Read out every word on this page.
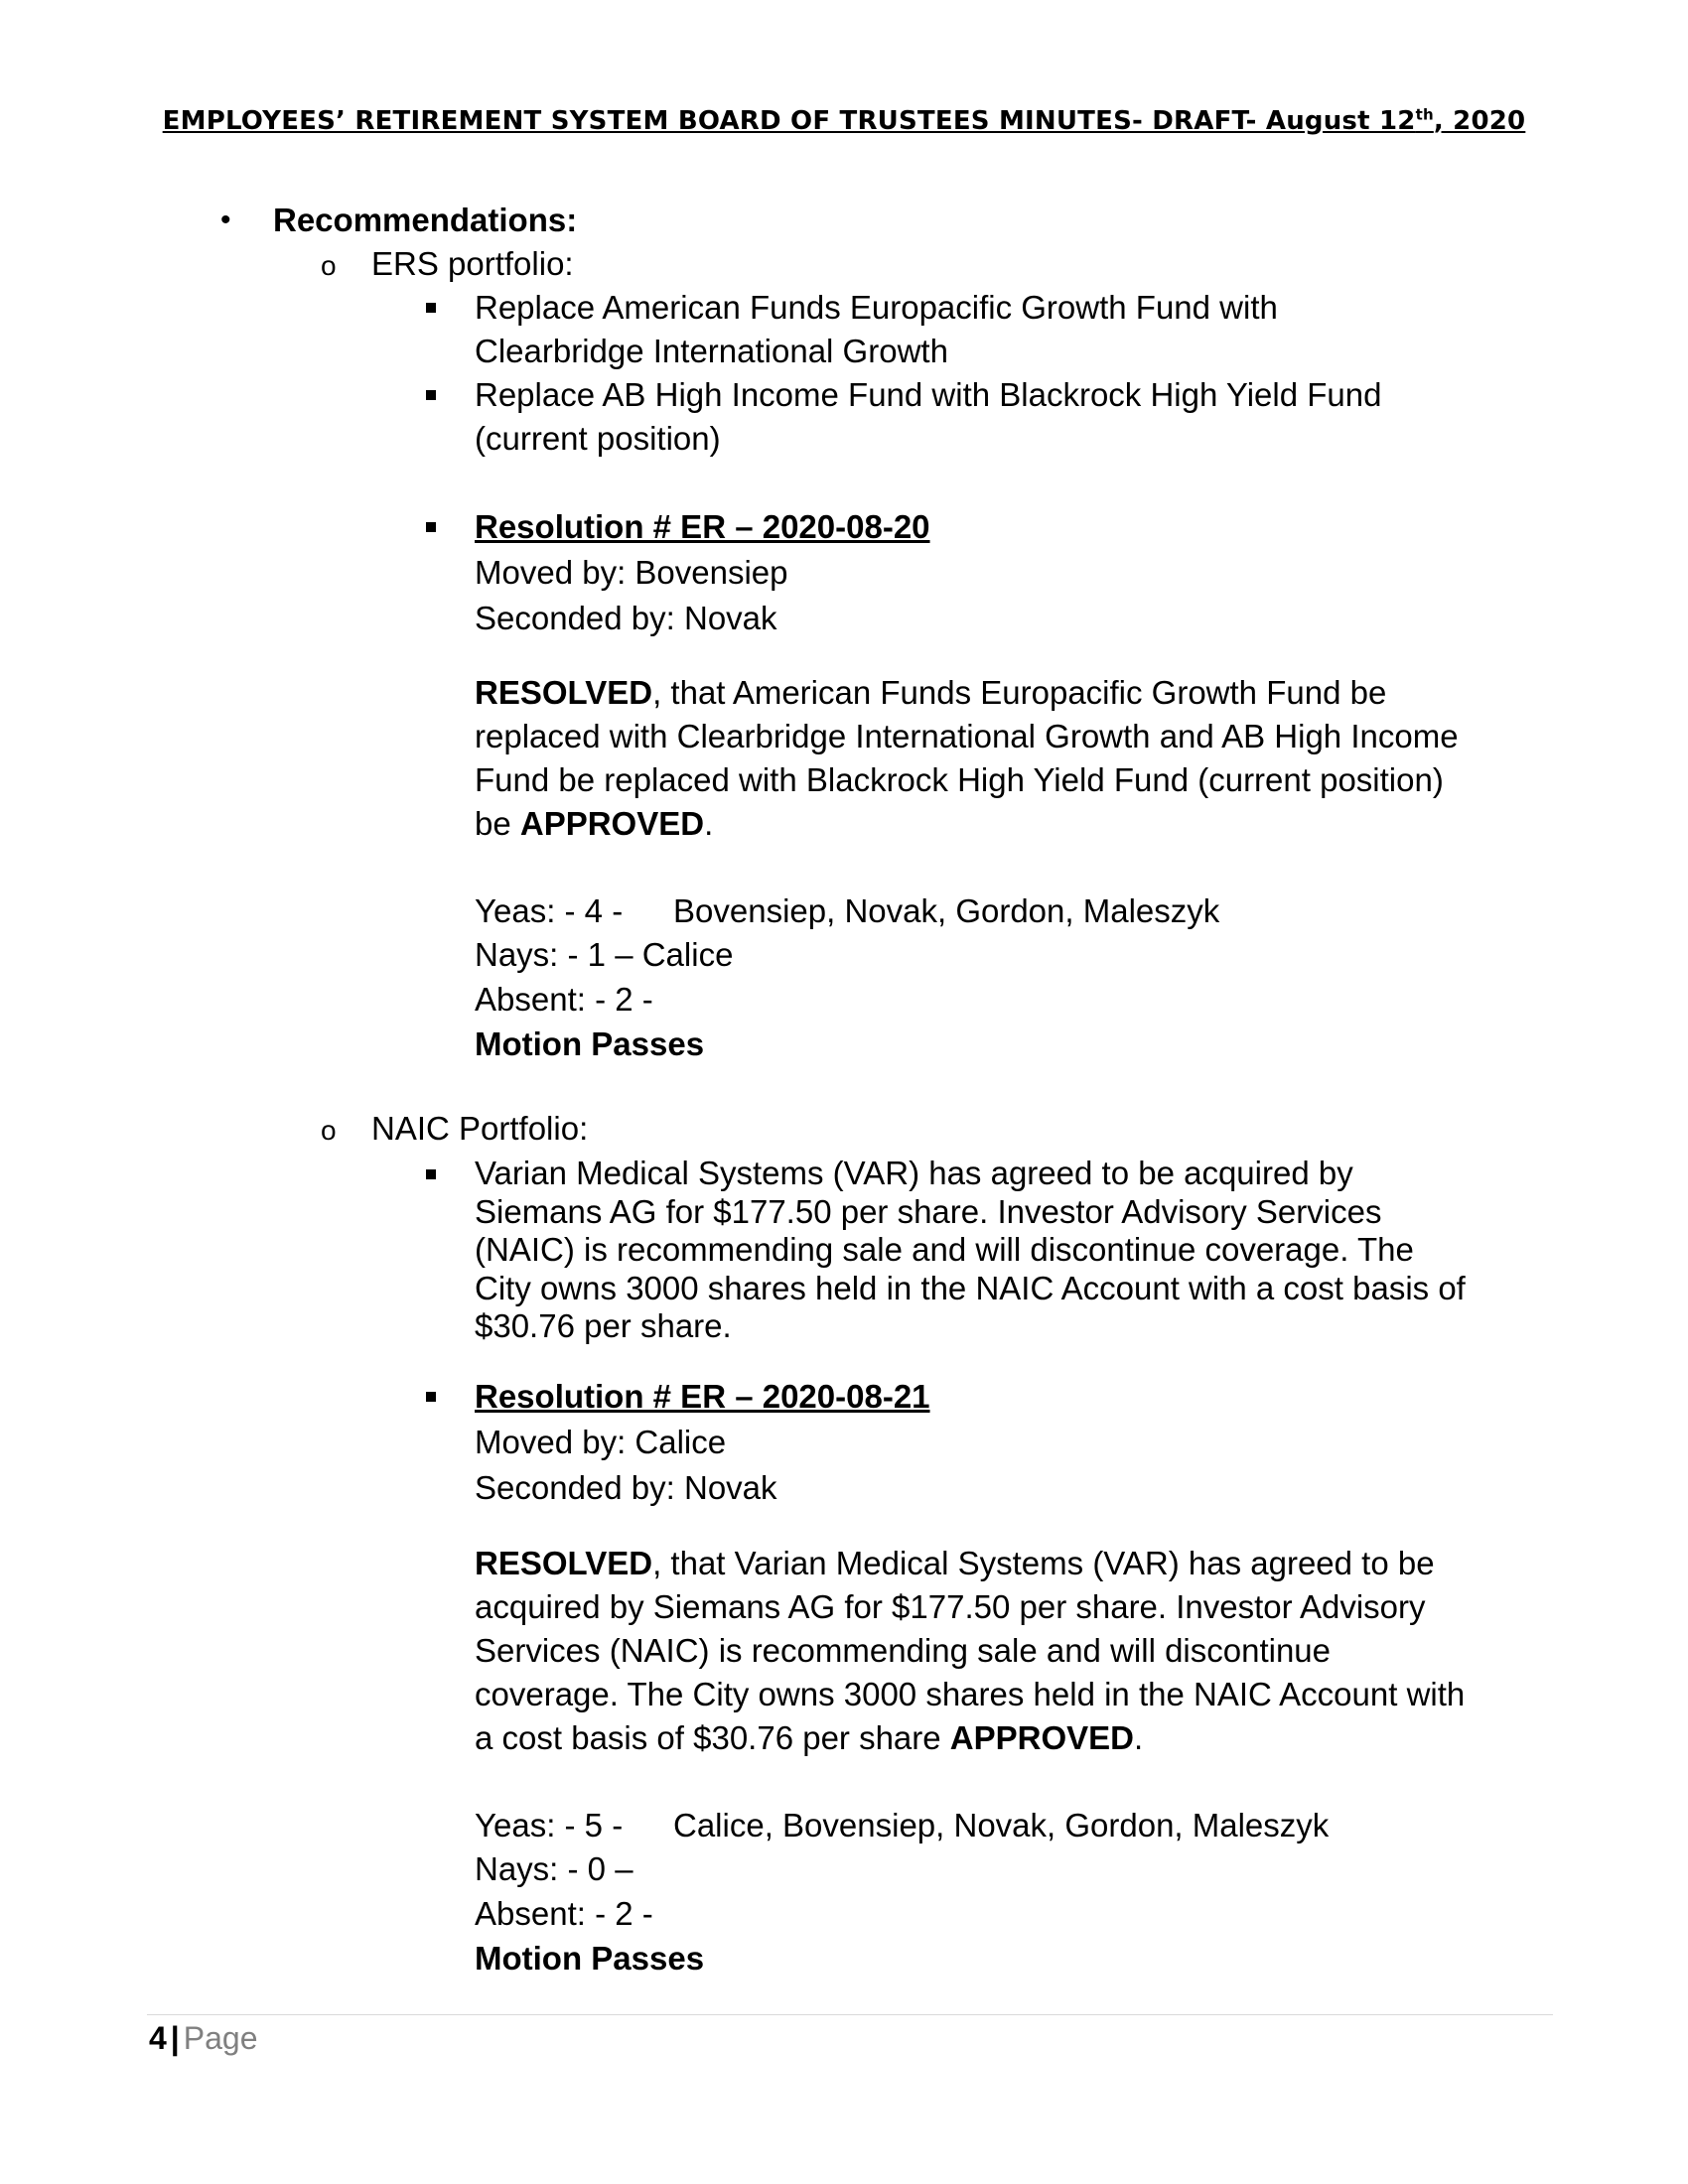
EMPLOYEES’ RETIREMENT SYSTEM BOARD OF TRUSTEES MINUTES- DRAFT- August 12th, 2020
• Recommendations:
o ERS portfolio:
Replace American Funds Europacific Growth Fund with
Clearbridge International Growth
Replace AB High Income Fund with Blackrock High Yield Fund
(current position)
Resolution # ER – 2020-08-20
Moved by: Bovensiep
Seconded by: Novak
RESOLVED, that American Funds Europacific Growth Fund be
replaced with Clearbridge International Growth and AB High Income
Fund be replaced with Blackrock High Yield Fund (current position)
be APPROVED.
Yeas: - 4 - Bovensiep, Novak, Gordon, Maleszyk
Nays: - 1 – Calice
Absent: - 2 -
Motion Passes
o NAIC Portfolio:
Varian Medical Systems (VAR) has agreed to be acquired by
Siemans AG for $177.50 per share. Investor Advisory Services
(NAIC) is recommending sale and will discontinue coverage. The
City owns 3000 shares held in the NAIC Account with a cost basis of
$30.76 per share.
Resolution # ER – 2020-08-21
Moved by: Calice
Seconded by: Novak
RESOLVED, that Varian Medical Systems (VAR) has agreed to be
acquired by Siemans AG for $177.50 per share. Investor Advisory
Services (NAIC) is recommending sale and will discontinue
coverage. The City owns 3000 shares held in the NAIC Account with
a cost basis of $30.76 per share APPROVED.
Yeas: - 5 - Calice, Bovensiep, Novak, Gordon, Maleszyk
Nays: - 0 –
Absent: - 2 -
Motion Passes
4 | Page
